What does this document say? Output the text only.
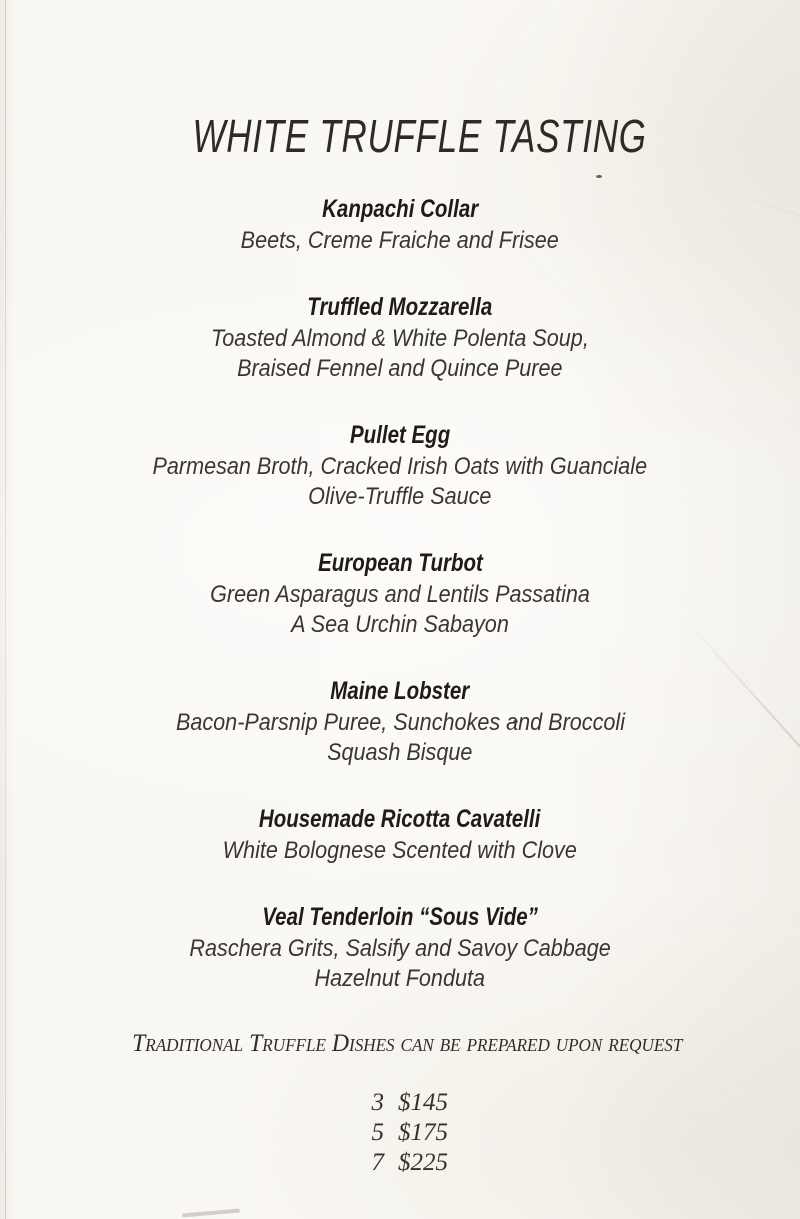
WHITE TRUFFLE TASTING
Kanpachi Collar
Beets, Creme Fraiche and Frisee
Truffled Mozzarella
Toasted Almond & White Polenta Soup,
Braised Fennel and Quince Puree
Pullet Egg
Parmesan Broth, Cracked Irish Oats with Guanciale
Olive-Truffle Sauce
European Turbot
Green Asparagus and Lentils Passatina
A Sea Urchin Sabayon
Maine Lobster
Bacon-Parsnip Puree, Sunchokes and Broccoli
Squash Bisque
Housemade Ricotta Cavatelli
White Bolognese Scented with Clove
Veal Tenderloin “Sous Vide”
Raschera Grits, Salsify and Savoy Cabbage
Hazelnut Fonduta
Traditional Truffle Dishes can be prepared upon request
3 $145
5 $175
7 $225
